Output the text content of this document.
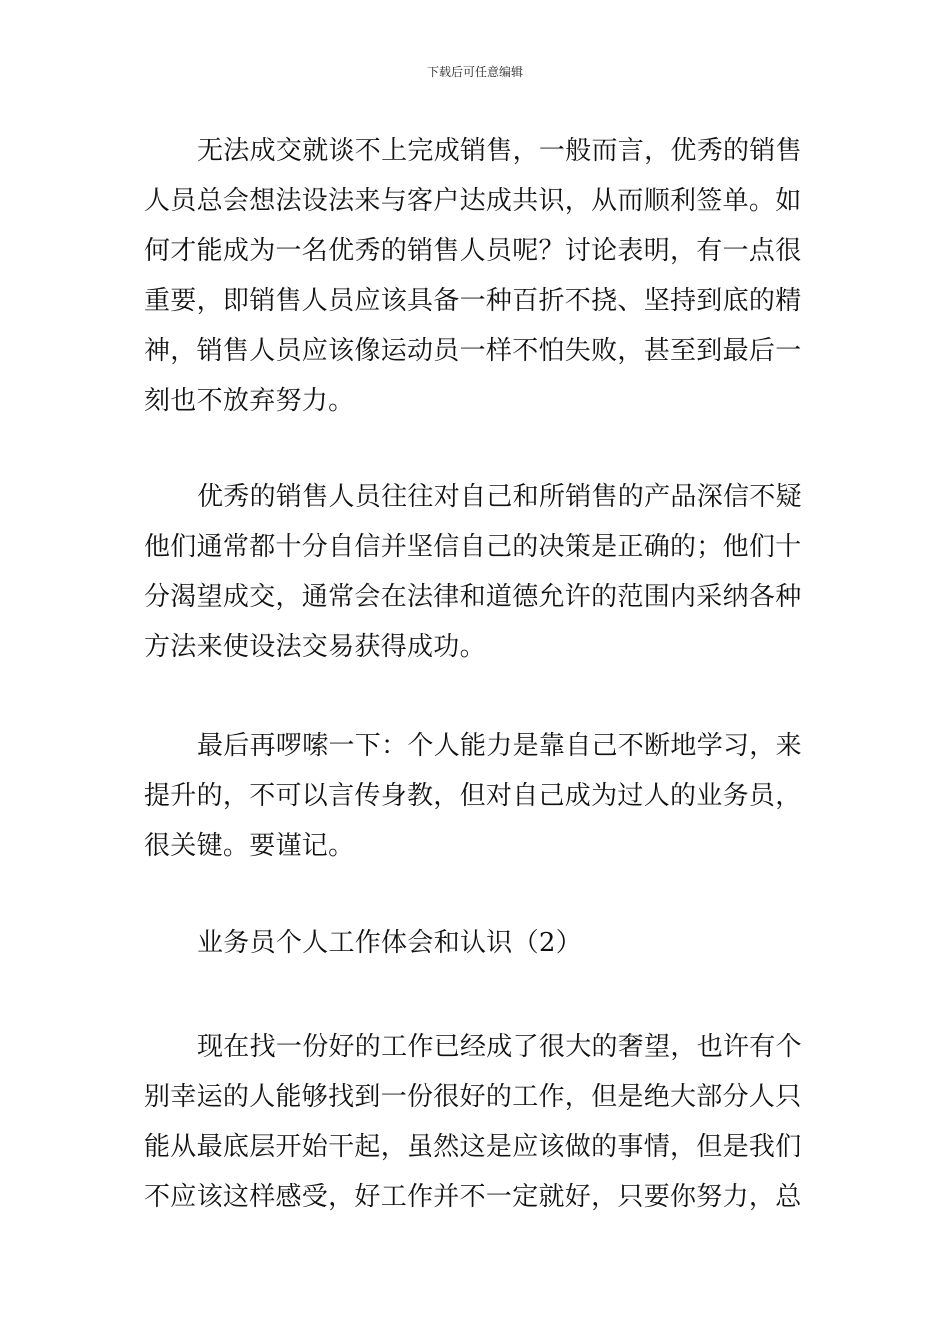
下载后可任意编辑
无法成交就谈不上完成销售，一般而言，优秀的销售
人员总会想法设法来与客户达成共识，从而顺利签单。如
何才能成为一名优秀的销售人员呢？讨论表明，有一点很
重要，即销售人员应该具备一种百折不挠、坚持到底的精
神，销售人员应该像运动员一样不怕失败，甚至到最后一
刻也不放弃努力。
优秀的销售人员往往对自己和所销售的产品深信不疑
他们通常都十分自信并坚信自己的决策是正确的；他们十
分渴望成交，通常会在法律和道德允许的范围内采纳各种
方法来使设法交易获得成功。
最后再啰嗦一下：个人能力是靠自己不断地学习，来
提升的，不可以言传身教，但对自己成为过人的业务员，
很关键。要谨记。
业务员个人工作体会和认识（2）
现在找一份好的工作已经成了很大的奢望，也许有个
别幸运的人能够找到一份很好的工作，但是绝大部分人只
能从最底层开始干起，虽然这是应该做的事情，但是我们
不应该这样感受，好工作并不一定就好，只要你努力，总
